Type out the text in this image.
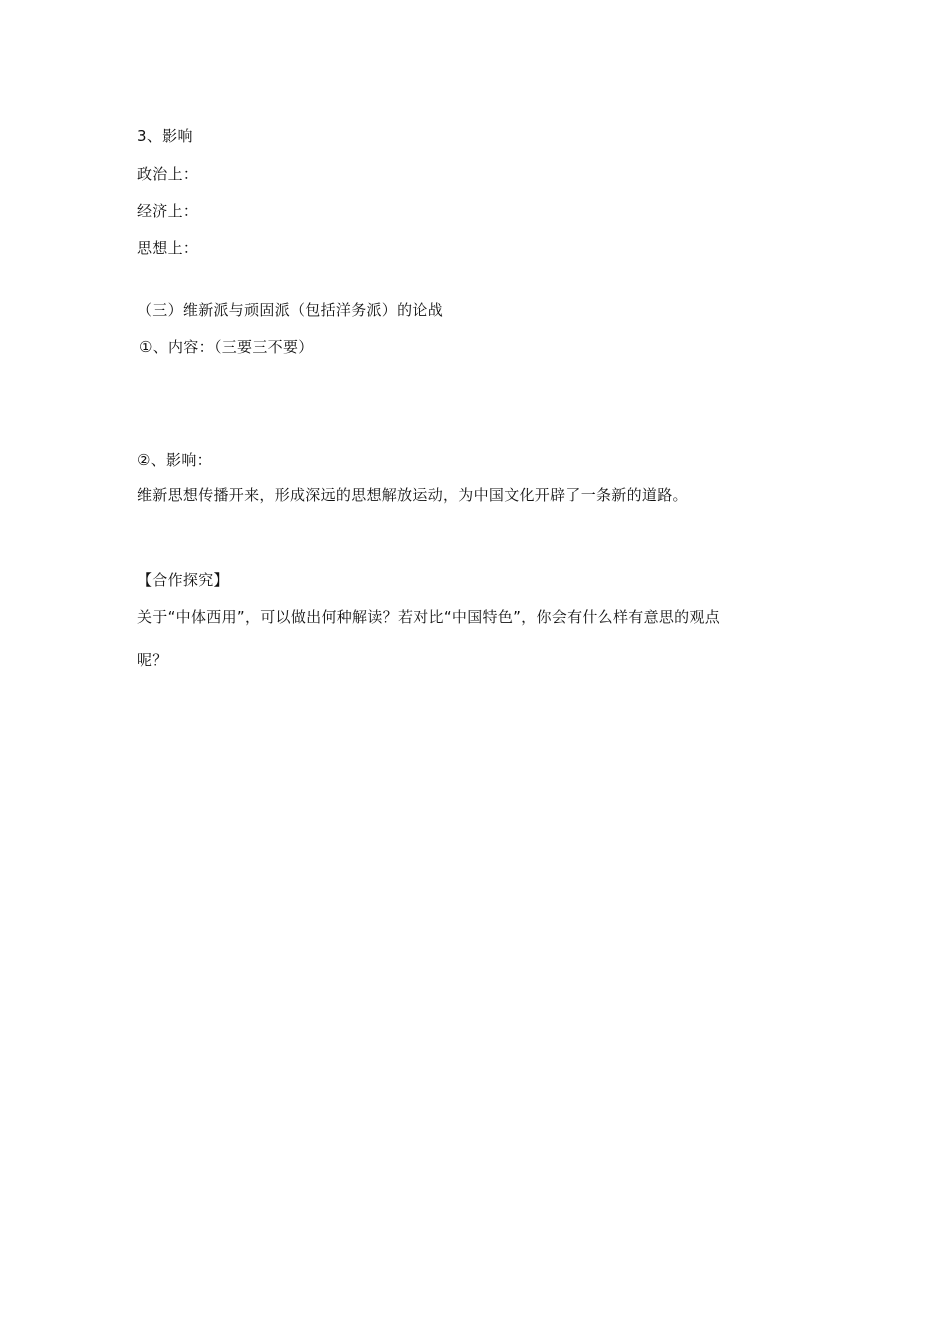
3、影响
政治上：
经济上：
思想上：
（三）维新派与顽固派（包括洋务派）的论战
①、内容：（三要三不要）
②、影响：
维新思想传播开来，形成深远的思想解放运动，为中国文化开辟了一条新的道路。
【合作探究】
关于“中体西用”，可以做出何种解读？若对比“中国特色”，你会有什么样有意思的观点
呢？
